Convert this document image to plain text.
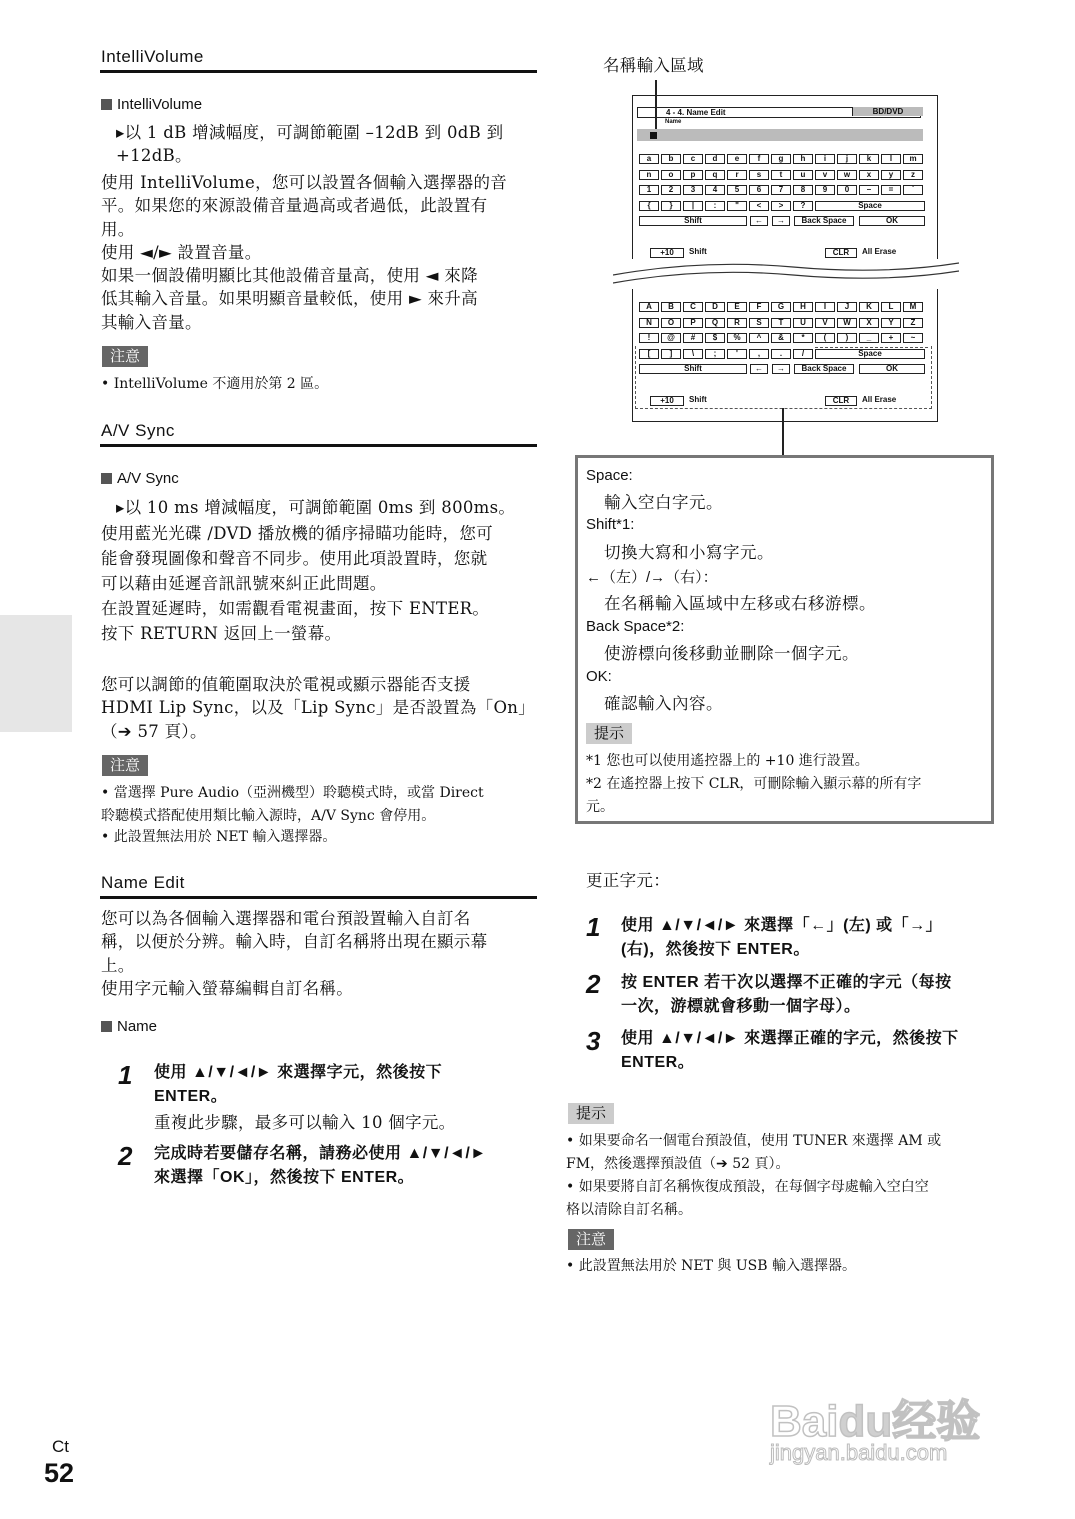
IntelliVolume
IntelliVolume
▸以 1 dB 增減幅度，可調節範圍 –12dB 到 0dB 到
+12dB。
使用 IntelliVolume，您可以設置各個輸入選擇器的音
平。如果您的來源設備音量過高或者過低，此設置有
用。
使用 ◄/► 設置音量。
如果一個設備明顯比其他設備音量高，使用 ◄ 來降
低其輸入音量。如果明顯音量較低，使用 ► 來升高
其輸入音量。
注意
• IntelliVolume 不適用於第 2 區。
A/V Sync
A/V Sync
▸以 10 ms 增減幅度，可調節範圍 0ms 到 800ms。
使用藍光光碟 /DVD 播放機的循序掃瞄功能時，您可
能會發現圖像和聲音不同步。使用此項設置時，您就
可以藉由延遲音訊訊號來糾正此問題。
在設置延遲時，如需觀看電視畫面，按下 ENTER。
按下 RETURN 返回上一螢幕。
您可以調節的值範圍取決於電視或顯示器能否支援
HDMI Lip Sync，以及「Lip Sync」是否設置為「On」
（➔ 57 頁）。
注意
• 當選擇 Pure Audio（亞洲機型）聆聽模式時，或當 Direct
聆聽模式搭配使用類比輸入源時，A/V Sync 會停用。
• 此設置無法用於 NET 輸入選擇器。
Name Edit
您可以為各個輸入選擇器和電台預設置輸入自訂名
稱，以便於分辨。輸入時，自訂名稱將出現在顯示幕
上。
使用字元輸入螢幕編輯自訂名稱。
Name
1 使用 ▲/▼/◄/► 來選擇字元，然後按下
ENTER。
重複此步驟，最多可以輸入 10 個字元。
2 完成時若要儲存名稱，請務必使用 ▲/▼/◄/►
來選擇「OK」，然後按下 ENTER。
名稱輸入區域
4 - 4. Name Edit	BD/DVD
Name
a	b	c	d	e	f	g	h	i	j	k	l	m
n	o	p	q	r	s	t	u	v	w	x	y	z
1	2	3	4	5	6	7	8	9	0	–	=	`
{	}	|	:	"	<	>	?	Space
Shift	←	→	Back Space	OK
+10	Shift	CLR	All Erase
A	B	C	D	E	F	G	H	I	J	K	L	M
N	O	P	Q	R	S	T	U	V	W	X	Y	Z
!	@	#	$	%	^	&	*	(	)	_	+	~
[	]	\	;	'	,	.	/	Space
Shift	←	→	Back Space	OK
+10	Shift	CLR	All Erase
Space:
輸入空白字元。
Shift*1:
切換大寫和小寫字元。
←（左）/→（右）：
在名稱輸入區域中左移或右移游標。
Back Space*2:
使游標向後移動並刪除一個字元。
OK:
確認輸入內容。
提示
*1 您也可以使用遙控器上的 +10 進行設置。
*2 在遙控器上按下 CLR，可刪除輸入顯示幕的所有字
元。
更正字元：
1 使用 ▲/▼/◄/► 來選擇「←」(左) 或「→」
(右)，然後按下 ENTER。
2 按 ENTER 若干次以選擇不正確的字元（每按
一次，游標就會移動一個字母）。
3 使用 ▲/▼/◄/► 來選擇正確的字元，然後按下
ENTER。
提示
• 如果要命名一個電台預設值，使用 TUNER 來選擇 AM 或
FM，然後選擇預設值（➔ 52 頁）。
• 如果要將自訂名稱恢復成預設，在每個字母處輸入空白空
格以清除自訂名稱。
注意
• 此設置無法用於 NET 與 USB 輸入選擇器。
Ct
52
Baidu经验
jingyan.baidu.com
